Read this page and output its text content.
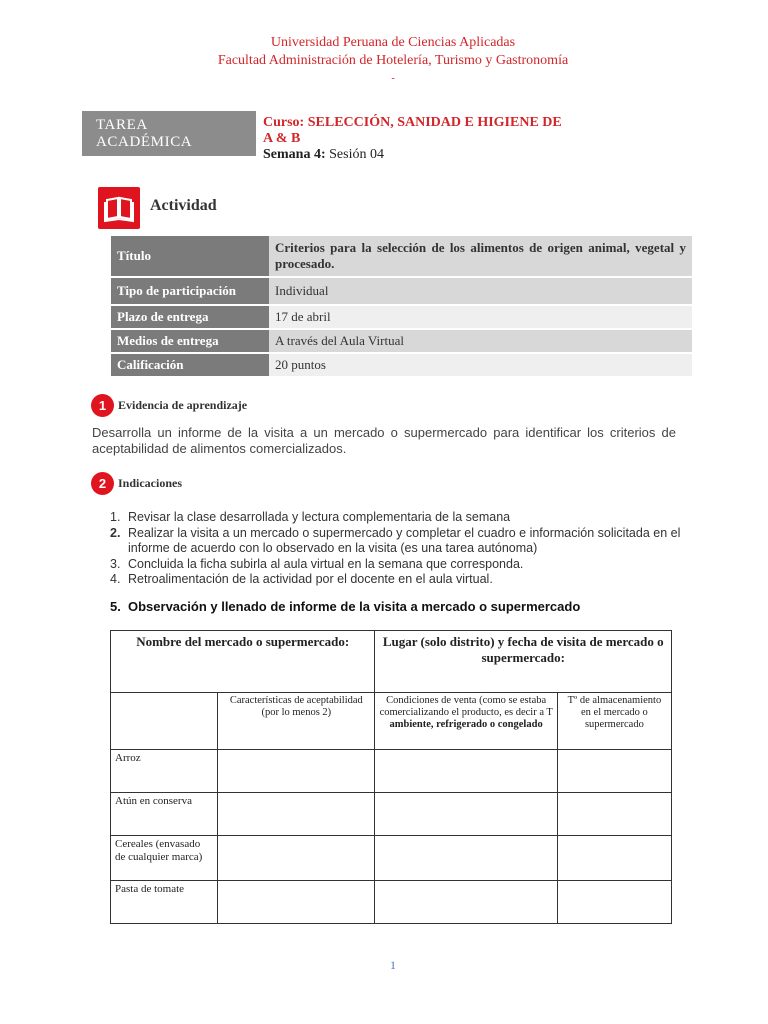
Universidad Peruana de Ciencias Aplicadas
Facultad Administración de Hotelería, Turismo y Gastronomía
-
TAREA
ACADÉMICA
Curso: SELECCIÓN, SANIDAD E HIGIENE DE A & B
Semana 4: Sesión 04
Actividad
Título	Criterios para la selección de los alimentos de origen animal, vegetal y procesado.
Tipo de participación	Individual
Plazo de entrega	17 de abril
Medios de entrega	A través del Aula Virtual
Calificación	20 puntos
1 Evidencia de aprendizaje
Desarrolla un informe de la visita a un mercado o supermercado para identificar los criterios de aceptabilidad de alimentos comercializados.
2 Indicaciones
1. Revisar la clase desarrollada y lectura complementaria de la semana
2. Realizar la visita a un mercado o supermercado y completar el cuadro e información solicitada en el informe de acuerdo con lo observado en la visita (es una tarea autónoma)
3. Concluida la ficha subirla al aula virtual en la semana que corresponda.
4. Retroalimentación de la actividad por el docente en el aula virtual.
5. Observación y llenado de informe de la visita a mercado o supermercado
Nombre del mercado o supermercado:		Lugar (solo distrito) y fecha de visita de mercado o supermercado:	
	Características de aceptabilidad (por lo menos 2)	Condiciones de venta (como se estaba comercializando el producto, es decir a T ambiente, refrigerado o congelado	Tº de almacenamiento en el mercado o supermercado
Arroz			
Atún en conserva			
Cereales (envasado de cualquier marca)			
Pasta de tomate			
1
